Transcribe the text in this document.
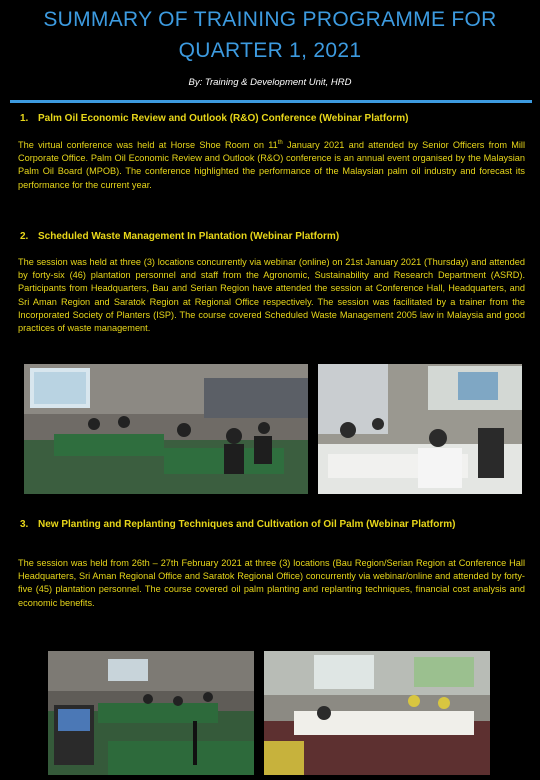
SUMMARY OF TRAINING PROGRAMME FOR
QUARTER 1, 2021
By: Training & Development Unit, HRD
1. Palm Oil Economic Review and Outlook (R&O) Conference (Webinar Platform)

The virtual conference was held at Horse Shoe Room on 11th January 2021 and attended by Senior Officers from Mill Corporate Office. Palm Oil Economic Review and Outlook (R&O) conference is an annual event organised by the Malaysian Palm Oil Board (MPOB). The conference highlighted the performance of the Malaysian palm oil industry and forecast its performance for the current year.

2. Scheduled Waste Management In Plantation (Webinar Platform)

The session was held at three (3) locations concurrently via webinar (online) on 21st January 2021 (Thursday) and attended by forty-six (46) plantation personnel and staff from the Agronomic, Sustainability and Research Department (ASRD). Participants from Headquarters, Bau and Serian Region have attended the session at Conference Hall, Headquarters, and Sri Aman Region and Saratok Region at Regional Office respectively. The session was facilitated by a trainer from the Incorporated Society of Planters (ISP). The course covered Scheduled Waste Management 2005 law in Malaysia and good practices of waste management.

3. New Planting and Replanting Techniques and Cultivation of Oil Palm (Webinar Platform)

The session was held from 26th – 27th February 2021 at three (3) locations (Bau Region/Serian Region at Conference Hall Headquarters, Sri Aman Regional Office and Saratok Regional Office) concurrently via webinar/online and attended by forty-five (45) plantation personnel. The course covered oil palm planting and replanting techniques, financial cost analysis and economic benefits.
